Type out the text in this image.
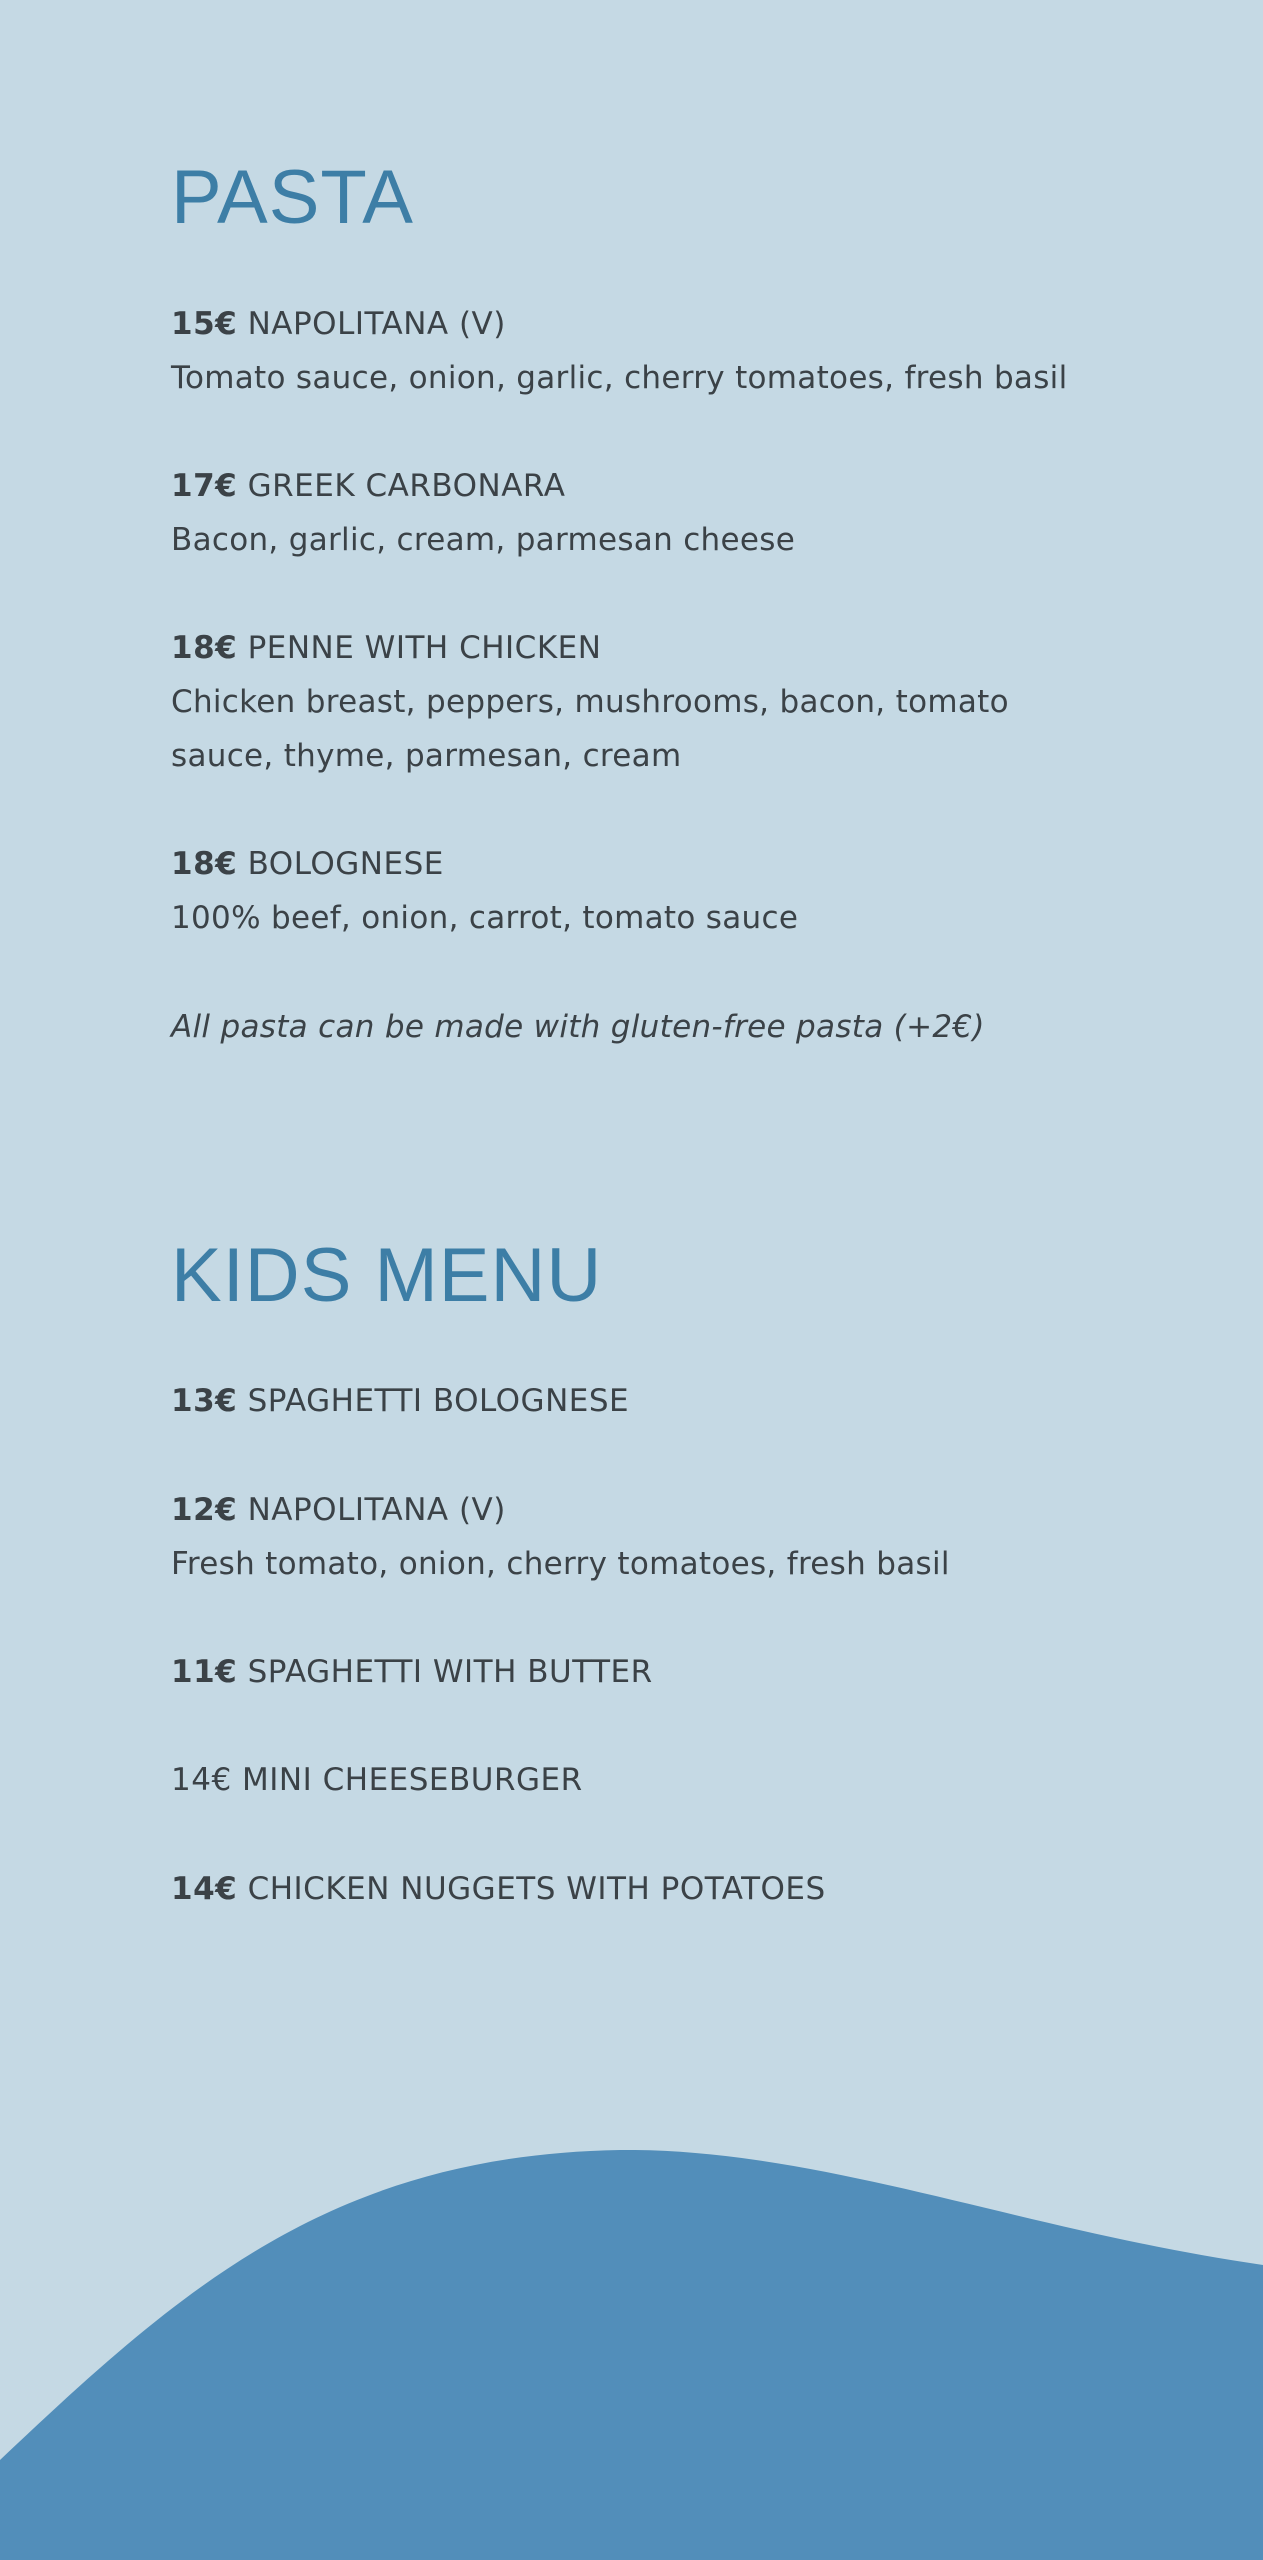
PASTA
15€ NAPOLITANA (V)
Tomato sauce, onion, garlic, cherry tomatoes, fresh basil
17€ GREEK CARBONARA
Bacon, garlic, cream, parmesan cheese
18€ PENNE WITH CHICKEN
Chicken breast, peppers, mushrooms, bacon, tomato sauce, thyme, parmesan, cream
18€ BOLOGNESE
100% beef, onion, carrot, tomato sauce
All pasta can be made with gluten-free pasta (+2€)
KIDS MENU
13€ SPAGHETTI BOLOGNESE
12€ NAPOLITANA (V)
Fresh tomato, onion, cherry tomatoes, fresh basil
11€ SPAGHETTI WITH BUTTER
14€ MINI CHEESEBURGER
14€ CHICKEN NUGGETS WITH POTATOES
